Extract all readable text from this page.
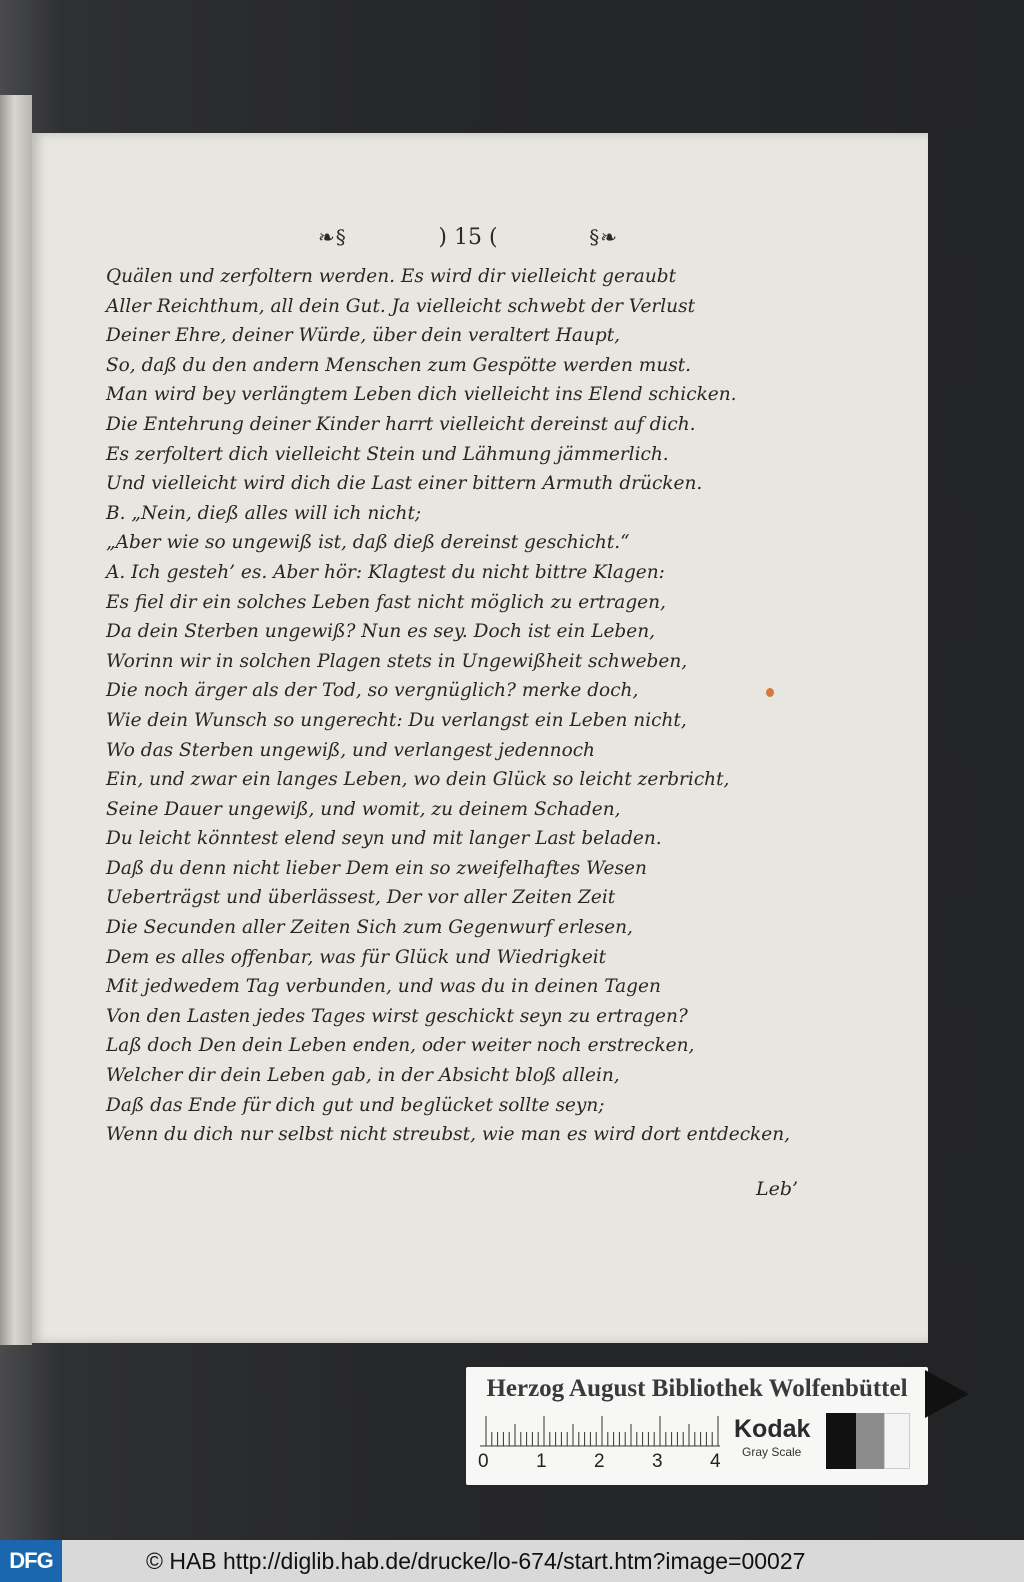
❧§	) 15 (	§❧
Quälen und zerfoltern werden. Es wird dir vielleicht geraubt
Aller Reichthum, all dein Gut. Ja vielleicht schwebt der Verlust
Deiner Ehre, deiner Würde, über dein veraltert Haupt,
So, daß du den andern Menschen zum Gespötte werden must.
Man wird bey verlängtem Leben dich vielleicht ins Elend schicken.
Die Entehrung deiner Kinder harrt vielleicht dereinst auf dich.
Es zerfoltert dich vielleicht Stein und Lähmung jämmerlich.
Und vielleicht wird dich die Last einer bittern Armuth drücken.
B. „Nein, dieß alles will ich nicht;
„Aber wie so ungewiß ist, daß dieß dereinst geschicht.“
A. Ich gesteh’ es. Aber hör: Klagtest du nicht bittre Klagen:
Es fiel dir ein solches Leben fast nicht möglich zu ertragen,
Da dein Sterben ungewiß? Nun es sey. Doch ist ein Leben,
Worinn wir in solchen Plagen stets in Ungewißheit schweben,
Die noch ärger als der Tod, so vergnüglich? merke doch,
Wie dein Wunsch so ungerecht: Du verlangst ein Leben nicht,
Wo das Sterben ungewiß, und verlangest jedennoch
Ein, und zwar ein langes Leben, wo dein Glück so leicht zerbricht,
Seine Dauer ungewiß, und womit, zu deinem Schaden,
Du leicht könntest elend seyn und mit langer Last beladen.
Daß du denn nicht lieber Dem ein so zweifelhaftes Wesen
Ueberträgst und überlässest, Der vor aller Zeiten Zeit
Die Secunden aller Zeiten Sich zum Gegenwurf erlesen,
Dem es alles offenbar, was für Glück und Wiedrigkeit
Mit jedwedem Tag verbunden, und was du in deinen Tagen
Von den Lasten jedes Tages wirst geschickt seyn zu ertragen?
Laß doch Den dein Leben enden, oder weiter noch erstrecken,
Welcher dir dein Leben gab, in der Absicht bloß allein,
Daß das Ende für dich gut und beglücket sollte seyn;
Wenn du dich nur selbst nicht streubst, wie man es wird dort entdecken,
Leb’
Herzog August Bibliothek Wolfenbüttel
0 1 2 3 4
Kodak
Gray Scale
DFG	© HAB http://diglib.hab.de/drucke/lo-674/start.htm?image=00027
